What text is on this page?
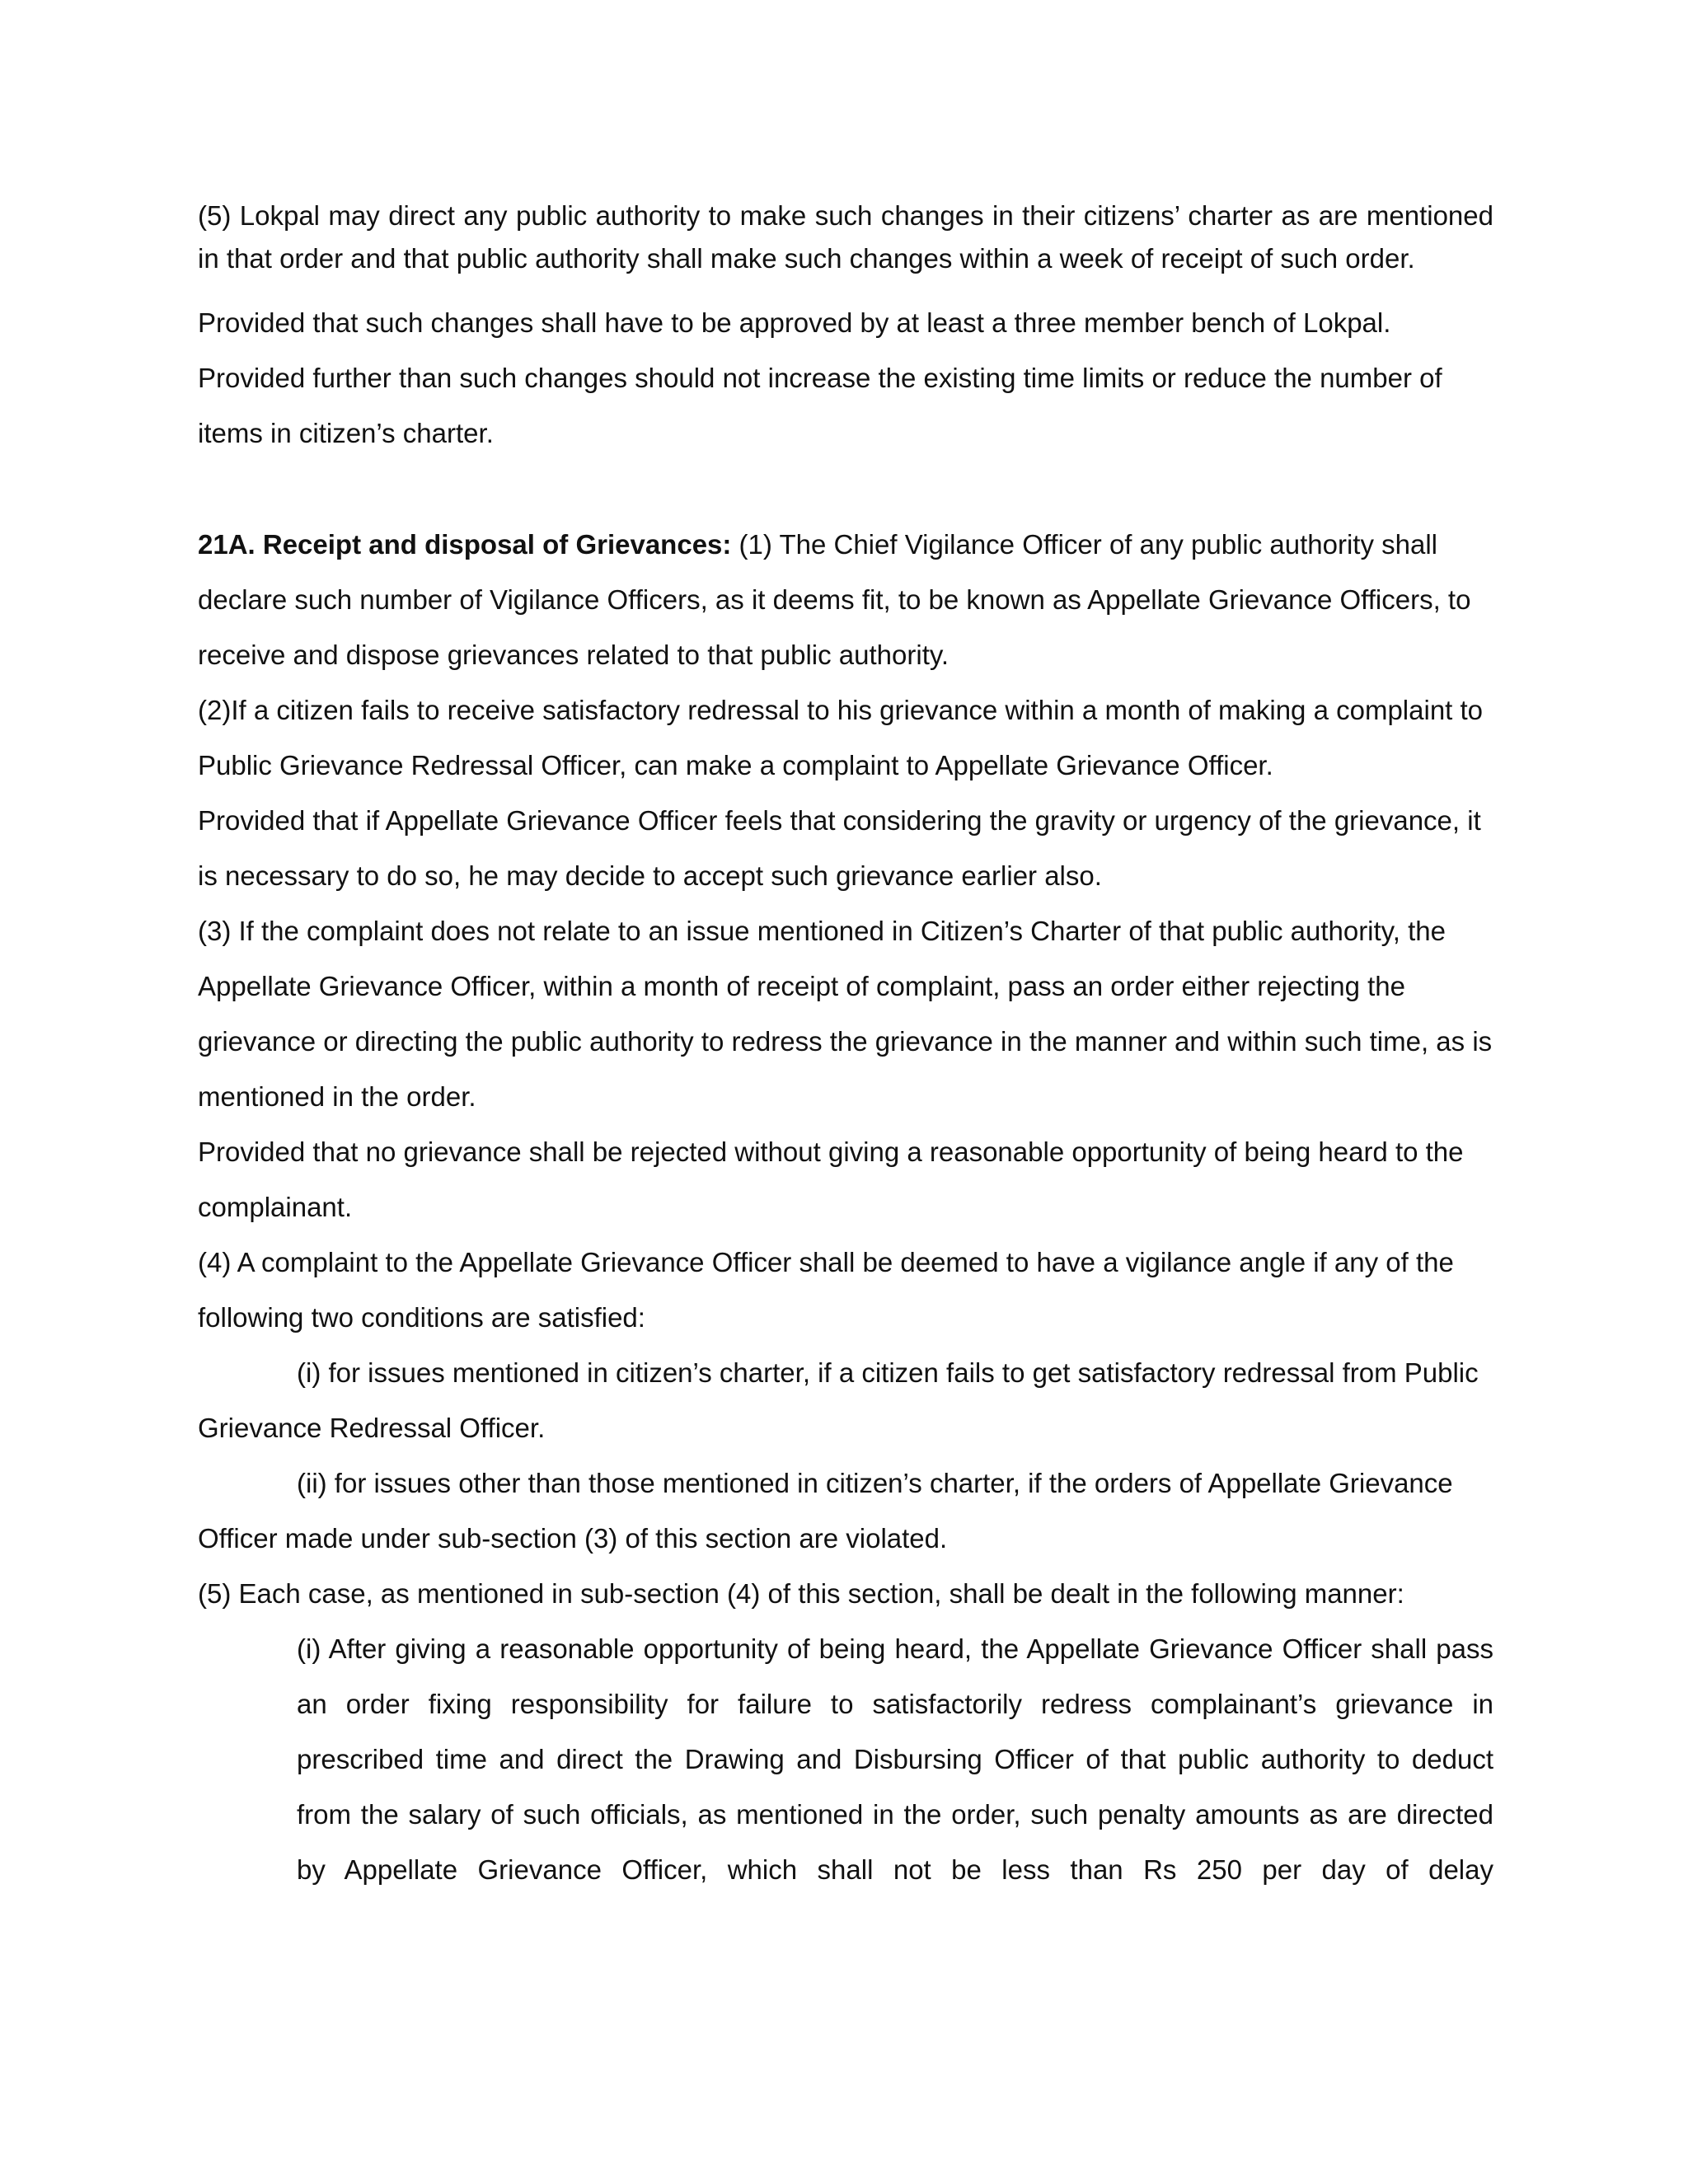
(5) Lokpal may direct any public authority to make such changes in their citizens’ charter as are mentioned in that order and that public authority shall make such changes within a week of receipt of such order.

Provided that such changes shall have to be approved by at least a three member bench of Lokpal.

Provided further than such changes should not increase the existing time limits or reduce the number of items in citizen’s charter.

21A. Receipt and disposal of Grievances: (1) The Chief Vigilance Officer of any public authority shall declare such number of Vigilance Officers, as it deems fit, to be known as Appellate Grievance Officers, to receive and dispose grievances related to that public authority.

(2)If a citizen fails to receive satisfactory redressal to his grievance within a month of making a complaint to Public Grievance Redressal Officer, can make a complaint to Appellate Grievance Officer.

Provided that if Appellate Grievance Officer feels that considering the gravity or urgency of the grievance, it is necessary to do so, he may decide to accept such grievance earlier also.

(3) If the complaint does not relate to an issue mentioned in Citizen’s Charter of that public authority, the Appellate Grievance Officer, within a month of receipt of complaint, pass an order either rejecting the grievance or directing the public authority to redress the grievance in the manner and within such time, as is mentioned in the order.

Provided that no grievance shall be rejected without giving a reasonable opportunity of being heard to the complainant.

(4) A complaint to the Appellate Grievance Officer shall be deemed to have a vigilance angle if any of the following two conditions are satisfied:

(i) for issues mentioned in citizen’s charter, if a citizen fails to get satisfactory redressal from Public Grievance Redressal Officer.

(ii) for issues other than those mentioned in citizen’s charter, if the orders of Appellate Grievance Officer made under sub-section (3) of this section are violated.

(5) Each case, as mentioned in sub-section (4) of this section, shall be dealt in the following manner:

(i) After giving a reasonable opportunity of being heard, the Appellate Grievance Officer shall pass an order fixing responsibility for failure to satisfactorily redress complainant’s grievance in prescribed time and direct the Drawing and Disbursing Officer of that public authority to deduct from the salary of such officials, as mentioned in the order, such penalty amounts as are directed by Appellate Grievance Officer, which shall not be less than Rs 250 per day of delay
